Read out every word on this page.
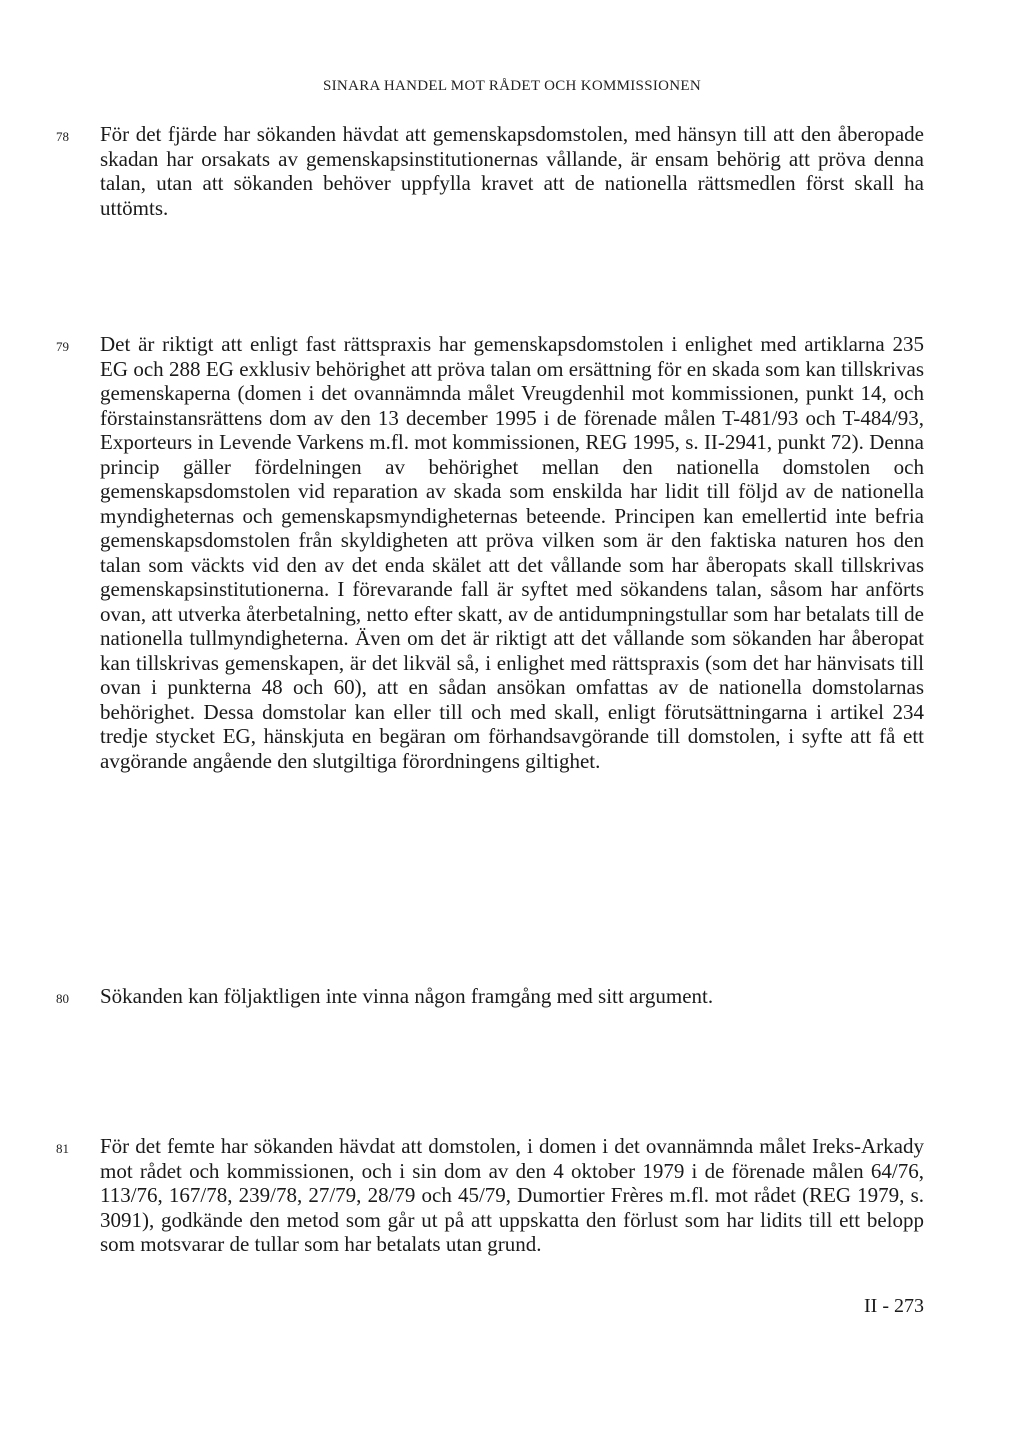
SINARA HANDEL MOT RÅDET OCH KOMMISSIONEN
78 För det fjärde har sökanden hävdat att gemenskapsdomstolen, med hänsyn till att den åberopade skadan har orsakats av gemenskapsinstitutionernas vållande, är ensam behörig att pröva denna talan, utan att sökanden behöver uppfylla kravet att de nationella rättsmedlen först skall ha uttömts.

79 Det är riktigt att enligt fast rättspraxis har gemenskapsdomstolen i enlighet med artiklarna 235 EG och 288 EG exklusiv behörighet att pröva talan om ersättning för en skada som kan tillskrivas gemenskaperna (domen i det ovannämnda målet Vreugdenhil mot kommissionen, punkt 14, och förstainstansrättens dom av den 13 december 1995 i de förenade målen T-481/93 och T-484/93, Exporteurs in Levende Varkens m.fl. mot kommissionen, REG 1995, s. II-2941, punkt 72). Denna princip gäller fördelningen av behörighet mellan den nationella domstolen och gemenskapsdomstolen vid reparation av skada som enskilda har lidit till följd av de nationella myndigheternas och gemenskapsmyndigheternas beteende. Principen kan emellertid inte befria gemenskapsdomstolen från skyldigheten att pröva vilken som är den faktiska naturen hos den talan som väckts vid den av det enda skälet att det vållande som har åberopats skall tillskrivas gemenskapsinstitutionerna. I förevarande fall är syftet med sökandens talan, såsom har anförts ovan, att utverka återbetalning, netto efter skatt, av de antidumpningstullar som har betalats till de nationella tullmyndigheterna. Även om det är riktigt att det vållande som sökanden har åberopat kan tillskrivas gemenskapen, är det likväl så, i enlighet med rättspraxis (som det har hänvisats till ovan i punkterna 48 och 60), att en sådan ansökan omfattas av de nationella domstolarnas behörighet. Dessa domstolar kan eller till och med skall, enligt förutsättningarna i artikel 234 tredje stycket EG, hänskjuta en begäran om förhandsavgörande till domstolen, i syfte att få ett avgörande angående den slutgiltiga förordningens giltighet.

80 Sökanden kan följaktligen inte vinna någon framgång med sitt argument.

81 För det femte har sökanden hävdat att domstolen, i domen i det ovannämnda målet Ireks-Arkady mot rådet och kommissionen, och i sin dom av den 4 oktober 1979 i de förenade målen 64/76, 113/76, 167/78, 239/78, 27/79, 28/79 och 45/79, Dumortier Frères m.fl. mot rådet (REG 1979, s. 3091), godkände den metod som går ut på att uppskatta den förlust som har lidits till ett belopp som motsvarar de tullar som har betalats utan grund.

II - 273
